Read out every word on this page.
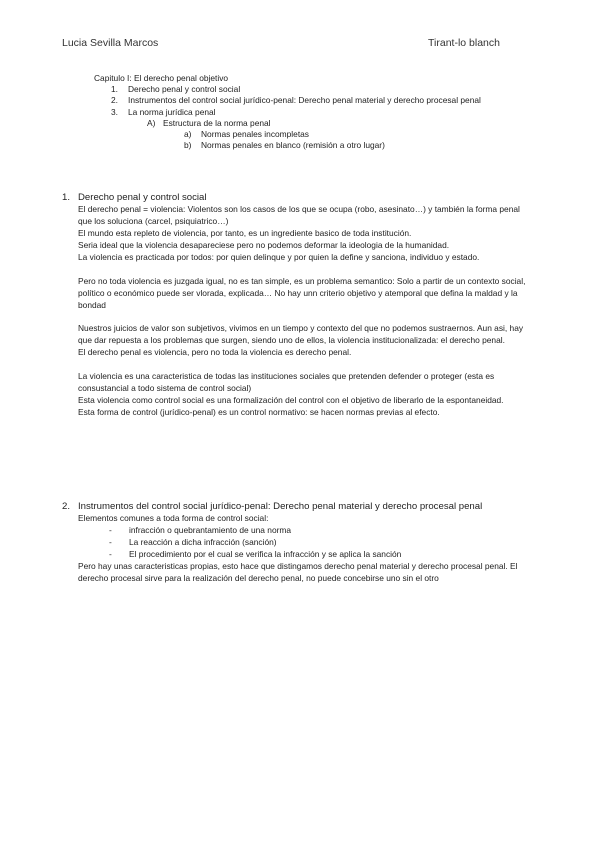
Lucia Sevilla Marcos	Tirant-lo blanch

Capitulo I: El derecho penal objetivo

1.	Derecho penal y control social
2.	Instrumentos del control social jurídico-penal: Derecho penal material y derecho procesal penal
3.	La norma jurídica penal
A) Estructura de la norma penal
a)	Normas penales incompletas
b)	Normas penales en blanco (remisión a otro lugar)
1. Derecho penal y control social

El derecho penal = violencia: Violentos son los casos de los que se ocupa (robo, asesinato…) y también la forma penal que los soluciona (carcel, psiquiatrico…)

El mundo esta repleto de violencia, por tanto, es un ingrediente basico de toda institución.

Seria ideal que la violencia desapareciese pero no podemos deformar la ideologia de la humanidad.

La violencia es practicada por todos: por quien delinque y por quien la define y sanciona, individuo y estado.

Pero no toda violencia es juzgada igual, no es tan simple, es un problema semantico: Solo a partir de un contexto social, político o económico puede ser vlorada, explicada… No hay unn criterio objetivo y atemporal que defina la maldad y la bondad

Nuestros juicios de valor son subjetivos, vivimos en un tiempo y contexto del que no podemos sustraernos. Aun asi, hay que dar repuesta a los problemas que surgen, siendo uno de ellos, la violencia institucionalizada: el derecho penal.

El derecho penal es violencia, pero no toda la violencia es derecho penal.

La violencia es una caracteristica de todas las instituciones sociales que pretenden defender o proteger (esta es consustancial a todo sistema de control social)

Esta violencia como control social es una formalización del control con el objetivo de liberarlo de la espontaneidad.

Esta forma de control (jurídico-penal) es un control normativo: se hacen normas previas al efecto.

2. Instrumentos del control social jurídico-penal: Derecho penal material y derecho procesal penal

Elementos comunes a toda forma de control social:

-	infracción o quebrantamiento de una norma
-	La reacción a dicha infracción (sanción)
-	El procedimiento por el cual se verifica la infracción y se aplica la sanción

Pero hay unas caracteristicas propias, esto hace que distingamos derecho penal material y derecho procesal penal. El derecho procesal sirve para la realización del derecho penal, no puede concebirse uno sin el otro
